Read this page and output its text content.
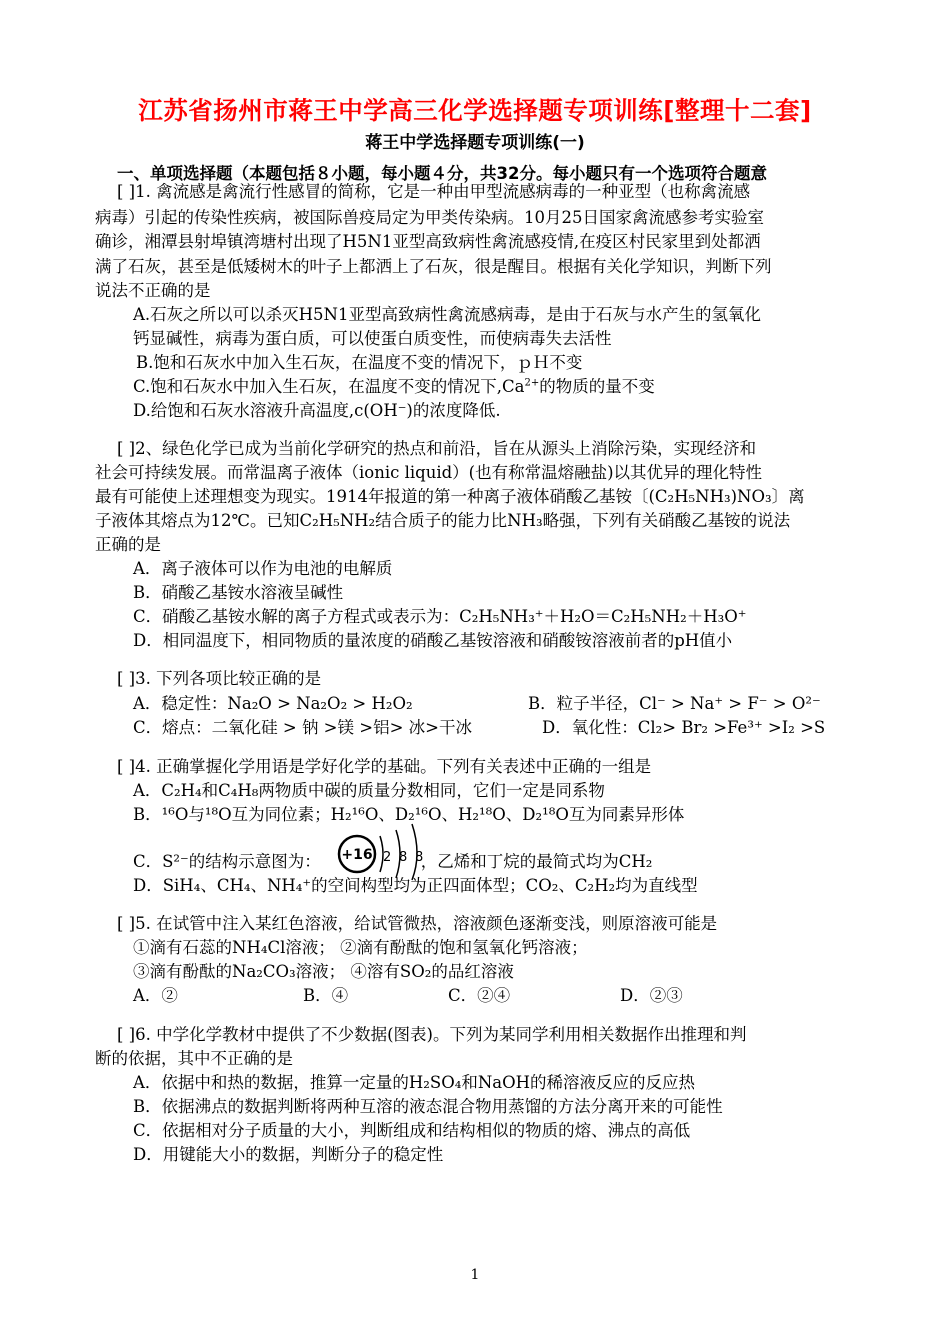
江苏省扬州市蒋王中学高三化学选择题专项训练[整理十二套]
蒋王中学选择题专项训练(一)
一、单项选择题（本题包括８小题，每小题４分，共32分。每小题只有一个选项符合题意
[ ]1. 禽流感是禽流行性感冒的简称，它是一种由甲型流感病毒的一种亚型（也称禽流感
病毒）引起的传染性疾病，被国际兽疫局定为甲类传染病。10月25日国家禽流感参考实验室
确诊，湘潭县射埠镇湾塘村出现了H5N1亚型高致病性禽流感疫情,在疫区村民家里到处都洒
满了石灰，甚至是低矮树木的叶子上都洒上了石灰，很是醒目。根据有关化学知识，判断下列
说法不正确的是
A.石灰之所以可以杀灭H5N1亚型高致病性禽流感病毒，是由于石灰与水产生的氢氧化
钙显碱性，病毒为蛋白质，可以使蛋白质变性，而使病毒失去活性
B.饱和石灰水中加入生石灰，在温度不变的情况下，ｐＨ不变
C.饱和石灰水中加入生石灰，在温度不变的情况下$,Ca^{2+}$的物质的量不变
D.给饱和石灰水溶液升高温度,c(OH⁻)的浓度降低.
[ ]2、绿色化学已成为当前化学研究的热点和前沿，旨在从源头上消除污染，实现经济和
社会可持续发展。而常温离子液体（ionic liquid）(也有称常温熔融盐)以其优异的理化特性
最有可能使上述理想变为现实。1914年报道的第一种离子液体硝酸乙基铵〔(C₂H₅NH₃)NO₃〕离
子液体其熔点为12℃。已知C₂H₅NH₂结合质子的能力比NH₃略强，下列有关硝酸乙基铵的说法
正确的是
A．离子液体可以作为电池的电解质
B．硝酸乙基铵水溶液呈碱性
C．硝酸乙基铵水解的离子方程式或表示为：C₂H₅NH₃⁺＋H₂O＝C₂H₅NH₂＋H₃O⁺
D．相同温度下，相同物质的量浓度的硝酸乙基铵溶液和硝酸铵溶液前者的pH值小
[ ]3. 下列各项比较正确的是
A．稳定性：Na₂O > Na₂O₂ > H₂O₂	B．粒子半径，Cl⁻ > Na⁺ > F⁻ > O²⁻
C．熔点：二氧化硅 > 钠 >镁 >铝> 冰>干冰	D．氧化性：Cl₂> Br₂ >Fe³⁺ >I₂ >S
[ ]4. 正确掌握化学用语是学好化学的基础。下列有关表述中正确的一组是
A．C₂H₄和C₄H₈两物质中碳的质量分数相同，它们一定是同系物
B．¹⁶O与¹⁸O互为同位素；H₂¹⁶O、D₂¹⁶O、H₂¹⁸O、D₂¹⁸O互为同素异形体
C．S²⁻的结构示意图为：	，乙烯和丁烷的最简式均为CH₂
D．SiH₄、CH₄、NH₄⁺的空间构型均为正四面体型；CO₂、C₂H₂均为直线型
+16 2 8 8
[ ]5. 在试管中注入某红色溶液，给试管微热，溶液颜色逐渐变浅，则原溶液可能是
①滴有石蕊的NH₄Cl溶液； ②滴有酚酞的饱和氢氧化钙溶液；
③滴有酚酞的Na₂CO₃溶液； ④溶有SO₂的品红溶液
A．②	B．④	C．②④	D．②③
[ ]6. 中学化学教材中提供了不少数据(图表)。下列为某同学利用相关数据作出推理和判
断的依据，其中不正确的是
A．依据中和热的数据，推算一定量的H₂SO₄和NaOH的稀溶液反应的反应热
B．依据沸点的数据判断将两种互溶的液态混合物用蒸馏的方法分离开来的可能性
C．依据相对分子质量的大小，判断组成和结构相似的物质的熔、沸点的高低
D．用键能大小的数据，判断分子的稳定性
1
